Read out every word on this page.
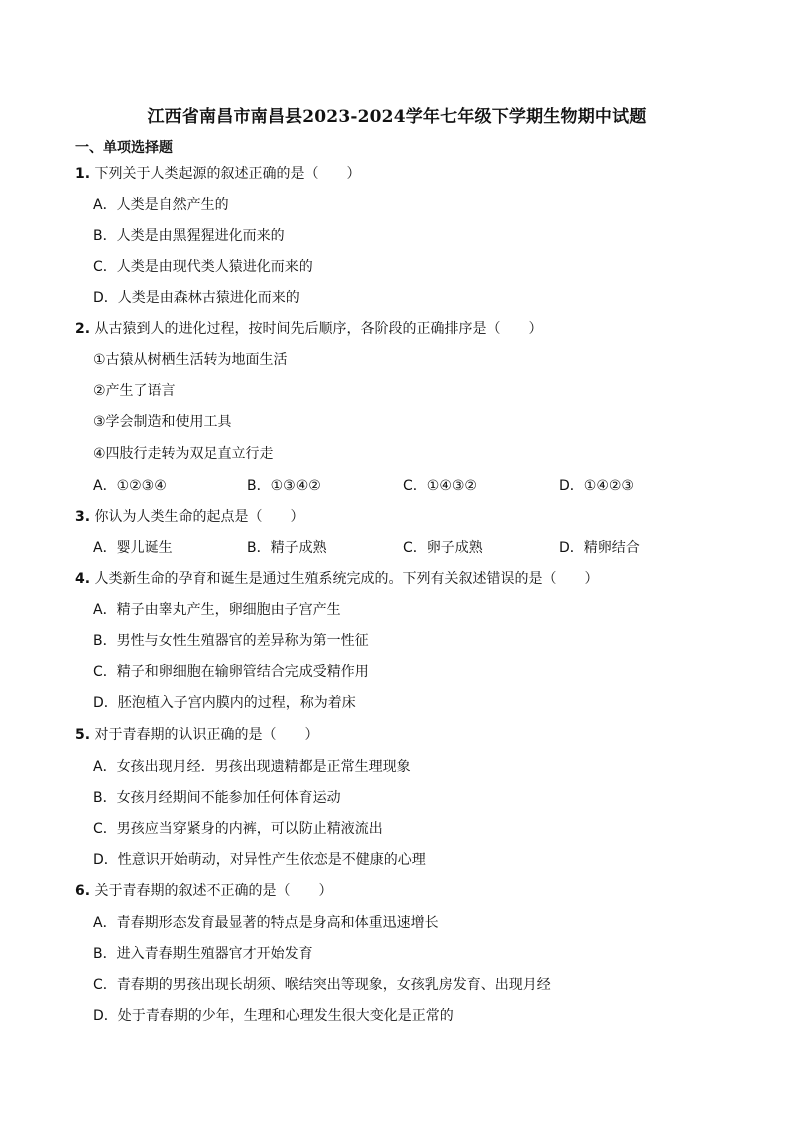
江西省南昌市南昌县2023-2024学年七年级下学期生物期中试题
一、单项选择题
1. 下列关于人类起源的叙述正确的是（　　）
A．人类是自然产生的
B．人类是由黑猩猩进化而来的
C．人类是由现代类人猿进化而来的
D．人类是由森林古猿进化而来的
2. 从古猿到人的进化过程，按时间先后顺序，各阶段的正确排序是（　　）
①古猿从树栖生活转为地面生活
②产生了语言
③学会制造和使用工具
④四肢行走转为双足直立行走
A．①②③④	B．①③④②	C．①④③②	D．①④②③
3. 你认为人类生命的起点是（　　）
A．婴儿诞生	B．精子成熟	C．卵子成熟	D．精卵结合
4. 人类新生命的孕育和诞生是通过生殖系统完成的。下列有关叙述错误的是（　　）
A．精子由睾丸产生，卵细胞由子宫产生
B．男性与女性生殖器官的差异称为第一性征
C．精子和卵细胞在输卵管结合完成受精作用
D．胚泡植入子宫内膜内的过程，称为着床
5. 对于青春期的认识正确的是（　　）
A．女孩出现月经．男孩出现遗精都是正常生理现象
B．女孩月经期间不能参加任何体育运动
C．男孩应当穿紧身的内裤，可以防止精液流出
D．性意识开始萌动，对异性产生依恋是不健康的心理
6. 关于青春期的叙述不正确的是（　　）
A．青春期形态发育最显著的特点是身高和体重迅速增长
B．进入青春期生殖器官才开始发育
C．青春期的男孩出现长胡须、喉结突出等现象，女孩乳房发育、出现月经
D．处于青春期的少年，生理和心理发生很大变化是正常的
